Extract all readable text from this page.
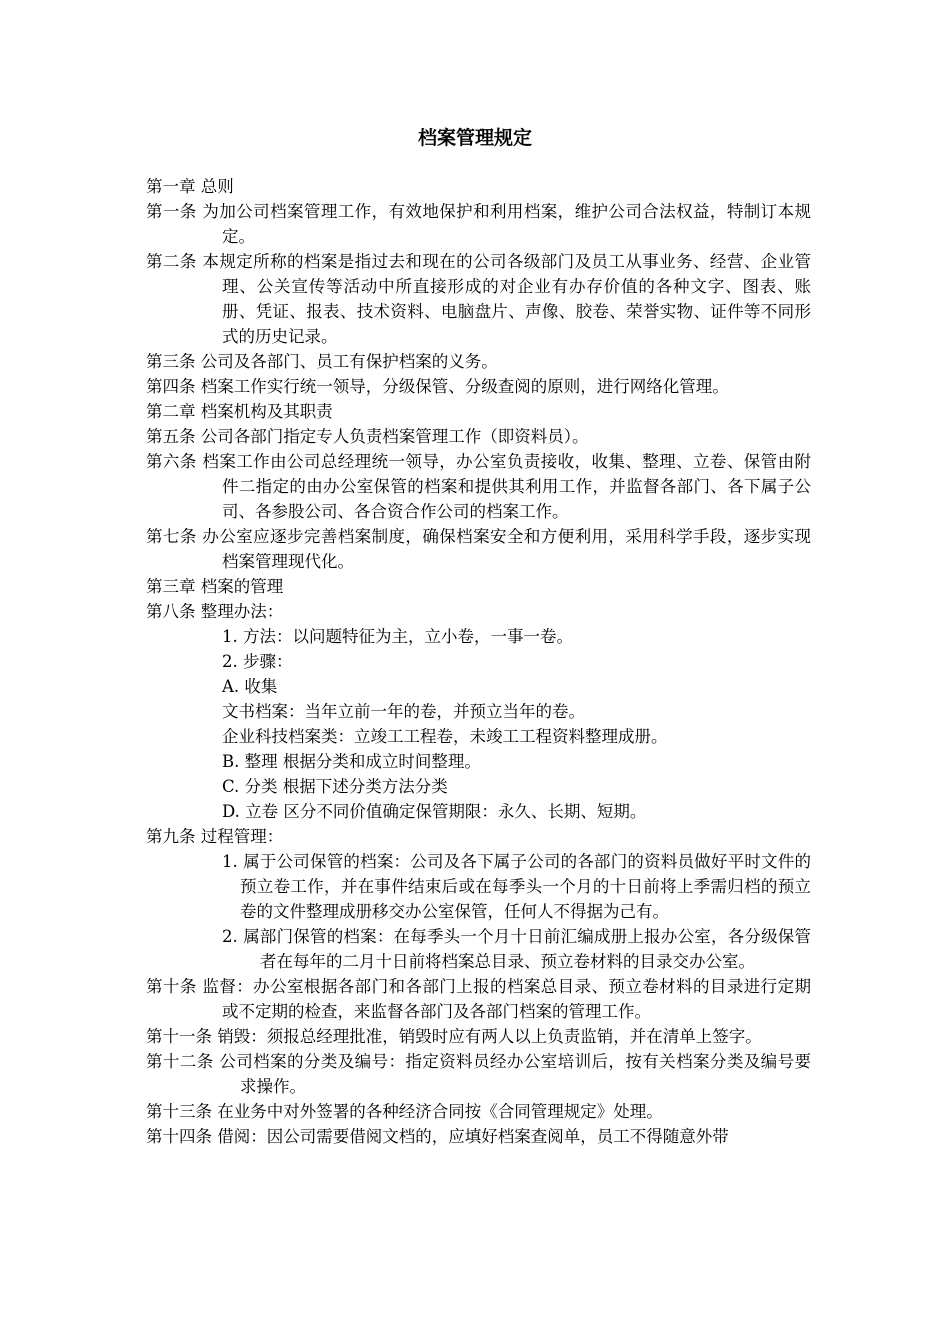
档案管理规定

第一章 总则

第一条 为加公司档案管理工作，有效地保护和利用档案，维护公司合法权益，特制订本规定。

第二条 本规定所称的档案是指过去和现在的公司各级部门及员工从事业务、经营、企业管理、公关宣传等活动中所直接形成的对企业有办存价值的各种文字、图表、账册、凭证、报表、技术资料、电脑盘片、声像、胶卷、荣誉实物、证件等不同形式的历史记录。

第三条 公司及各部门、员工有保护档案的义务。

第四条 档案工作实行统一领导，分级保管、分级查阅的原则，进行网络化管理。

第二章 档案机构及其职责

第五条 公司各部门指定专人负责档案管理工作（即资料员）。

第六条 档案工作由公司总经理统一领导，办公室负责接收，收集、整理、立卷、保管由附件二指定的由办公室保管的档案和提供其利用工作，并监督各部门、各下属子公司、各参股公司、各合资合作公司的档案工作。

第七条 办公室应逐步完善档案制度，确保档案安全和方便利用，采用科学手段，逐步实现档案管理现代化。

第三章 档案的管理

第八条 整理办法：

1. 方法：以问题特征为主，立小卷，一事一卷。

2. 步骤：

A. 收集

文书档案：当年立前一年的卷，并预立当年的卷。

企业科技档案类：立竣工工程卷，未竣工工程资料整理成册。

B. 整理 根据分类和成立时间整理。

C. 分类 根据下述分类方法分类

D. 立卷 区分不同价值确定保管期限：永久、长期、短期。

第九条 过程管理：

1. 属于公司保管的档案：公司及各下属子公司的各部门的资料员做好平时文件的预立卷工作，并在事件结束后或在每季头一个月的十日前将上季需归档的预立卷的文件整理成册移交办公室保管，任何人不得据为己有。

2. 属部门保管的档案：在每季头一个月十日前汇编成册上报办公室，各分级保管者在每年的二月十日前将档案总目录、预立卷材料的目录交办公室。

第十条 监督：办公室根据各部门和各部门上报的档案总目录、预立卷材料的目录进行定期或不定期的检查，来监督各部门及各部门档案的管理工作。

第十一条 销毁：须报总经理批准，销毁时应有两人以上负责监销，并在清单上签字。

第十二条 公司档案的分类及编号：指定资料员经办公室培训后，按有关档案分类及编号要求操作。

第十三条 在业务中对外签署的各种经济合同按《合同管理规定》处理。

第十四条 借阅：因公司需要借阅文档的，应填好档案查阅单，员工不得随意外带
